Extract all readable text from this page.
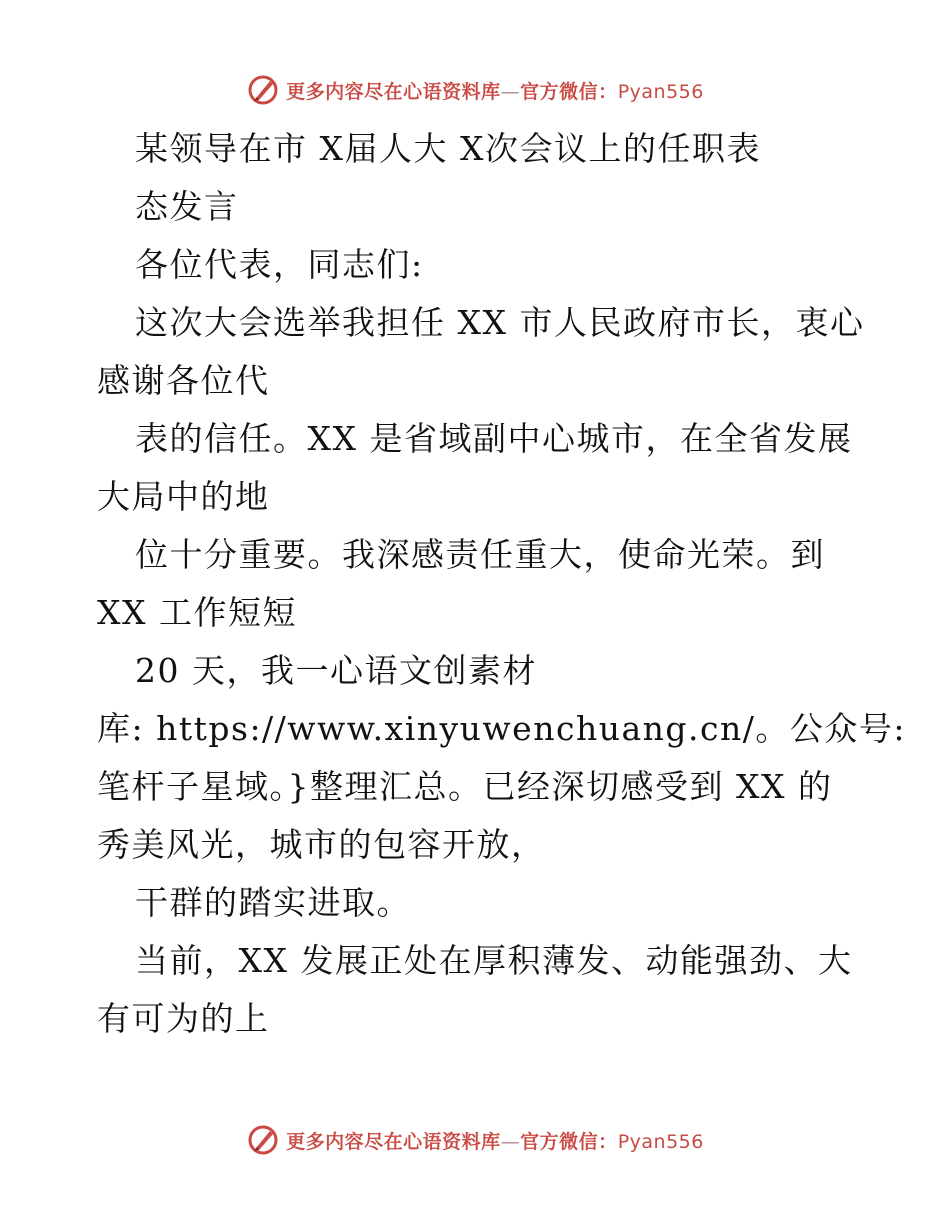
更多内容尽在心语资料库—官方微信：Pyan556
某领导在市 X届人大 X次会议上的任职表
态发言
各位代表，同志们:
这次大会选举我担任 XX 市人民政府市长，衷心
感谢各位代
表的信任。XX 是省域副中心城市，在全省发展
大局中的地
位十分重要。我深感责任重大，使命光荣。到
XX 工作短短
20 天，我一心语文创素材
库: https://www.xinyuwenchuang.cn/。公众号:
笔杆子星域。}整理汇总。已经深切感受到 XX 的
秀美风光，城市的包容开放，
干群的踏实进取。
当前，XX 发展正处在厚积薄发、动能强劲、大
有可为的上
更多内容尽在心语资料库—官方微信：Pyan556
